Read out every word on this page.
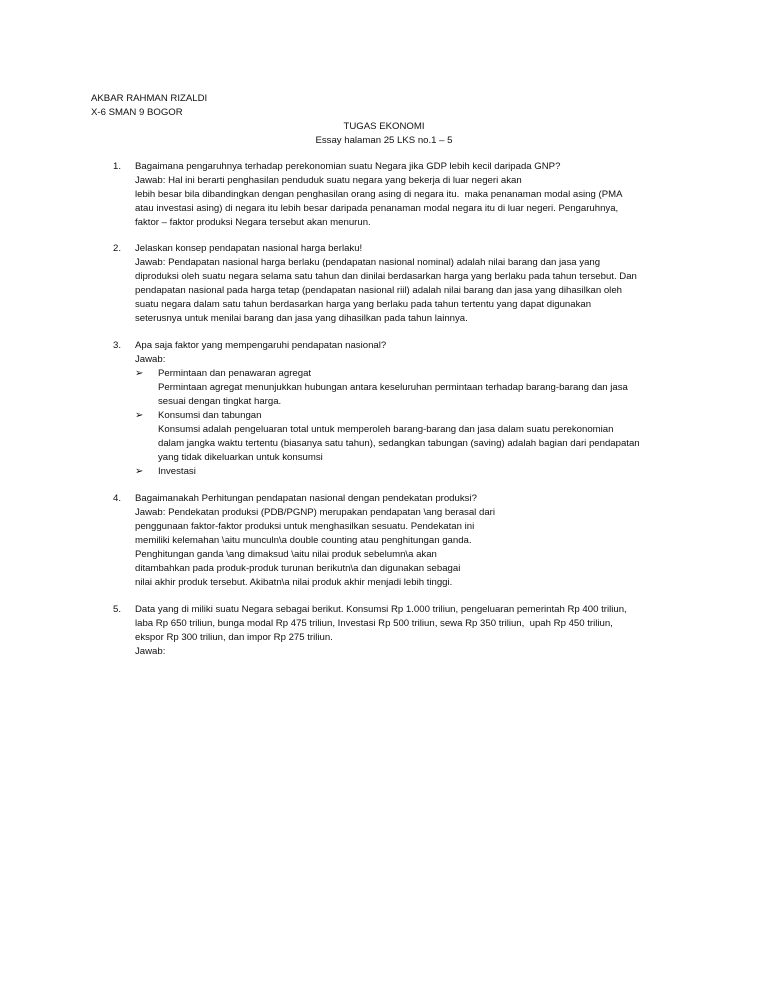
AKBAR RAHMAN RIZALDI
X-6 SMAN 9 BOGOR
TUGAS EKONOMI
Essay halaman 25 LKS no.1 – 5
1. Bagaimana pengaruhnya terhadap perekonomian suatu Negara jika GDP lebih kecil daripada GNP?
Jawab: Hal ini berarti penghasilan penduduk suatu negara yang bekerja di luar negeri akan
lebih besar bila dibandingkan dengan penghasilan orang asing di negara itu.  maka penanaman modal asing (PMA
atau investasi asing) di negara itu lebih besar daripada penanaman modal negara itu di luar negeri. Pengaruhnya,
faktor – faktor produksi Negara tersebut akan menurun.
2. Jelaskan konsep pendapatan nasional harga berlaku!
Jawab: Pendapatan nasional harga berlaku (pendapatan nasional nominal) adalah nilai barang dan jasa yang
diproduksi oleh suatu negara selama satu tahun dan dinilai berdasarkan harga yang berlaku pada tahun tersebut. Dan
pendapatan nasional pada harga tetap (pendapatan nasional riil) adalah nilai barang dan jasa yang dihasilkan oleh
suatu negara dalam satu tahun berdasarkan harga yang berlaku pada tahun tertentu yang dapat digunakan
seterusnya untuk menilai barang dan jasa yang dihasilkan pada tahun lainnya.
3. Apa saja faktor yang mempengaruhi pendapatan nasional?
Jawab:
➢ Permintaan dan penawaran agregat
Permintaan agregat menunjukkan hubungan antara keseluruhan permintaan terhadap barang-barang dan jasa
sesuai dengan tingkat harga.
➢ Konsumsi dan tabungan
Konsumsi adalah pengeluaran total untuk memperoleh barang-barang dan jasa dalam suatu perekonomian
dalam jangka waktu tertentu (biasanya satu tahun), sedangkan tabungan (saving) adalah bagian dari pendapatan
yang tidak dikeluarkan untuk konsumsi
➢ Investasi
4. Bagaimanakah Perhitungan pendapatan nasional dengan pendekatan produksi?
Jawab: Pendekatan produksi (PDB/PGNP) merupakan pendapatan \ang berasal dari
penggunaan faktor-faktor produksi untuk menghasilkan sesuatu. Pendekatan ini
memiliki kelemahan \aitu munculn\a double counting atau penghitungan ganda.
Penghitungan ganda \ang dimaksud \aitu nilai produk sebelumn\a akan
ditambahkan pada produk-produk turunan berikutn\a dan digunakan sebagai
nilai akhir produk tersebut. Akibatn\a nilai produk akhir menjadi lebih tinggi.
5. Data yang di miliki suatu Negara sebagai berikut. Konsumsi Rp 1.000 triliun, pengeluaran pemerintah Rp 400 triliun,
laba Rp 650 triliun, bunga modal Rp 475 triliun, Investasi Rp 500 triliun, sewa Rp 350 triliun,  upah Rp 450 triliun,
ekspor Rp 300 triliun, dan impor Rp 275 triliun.
Jawab:
